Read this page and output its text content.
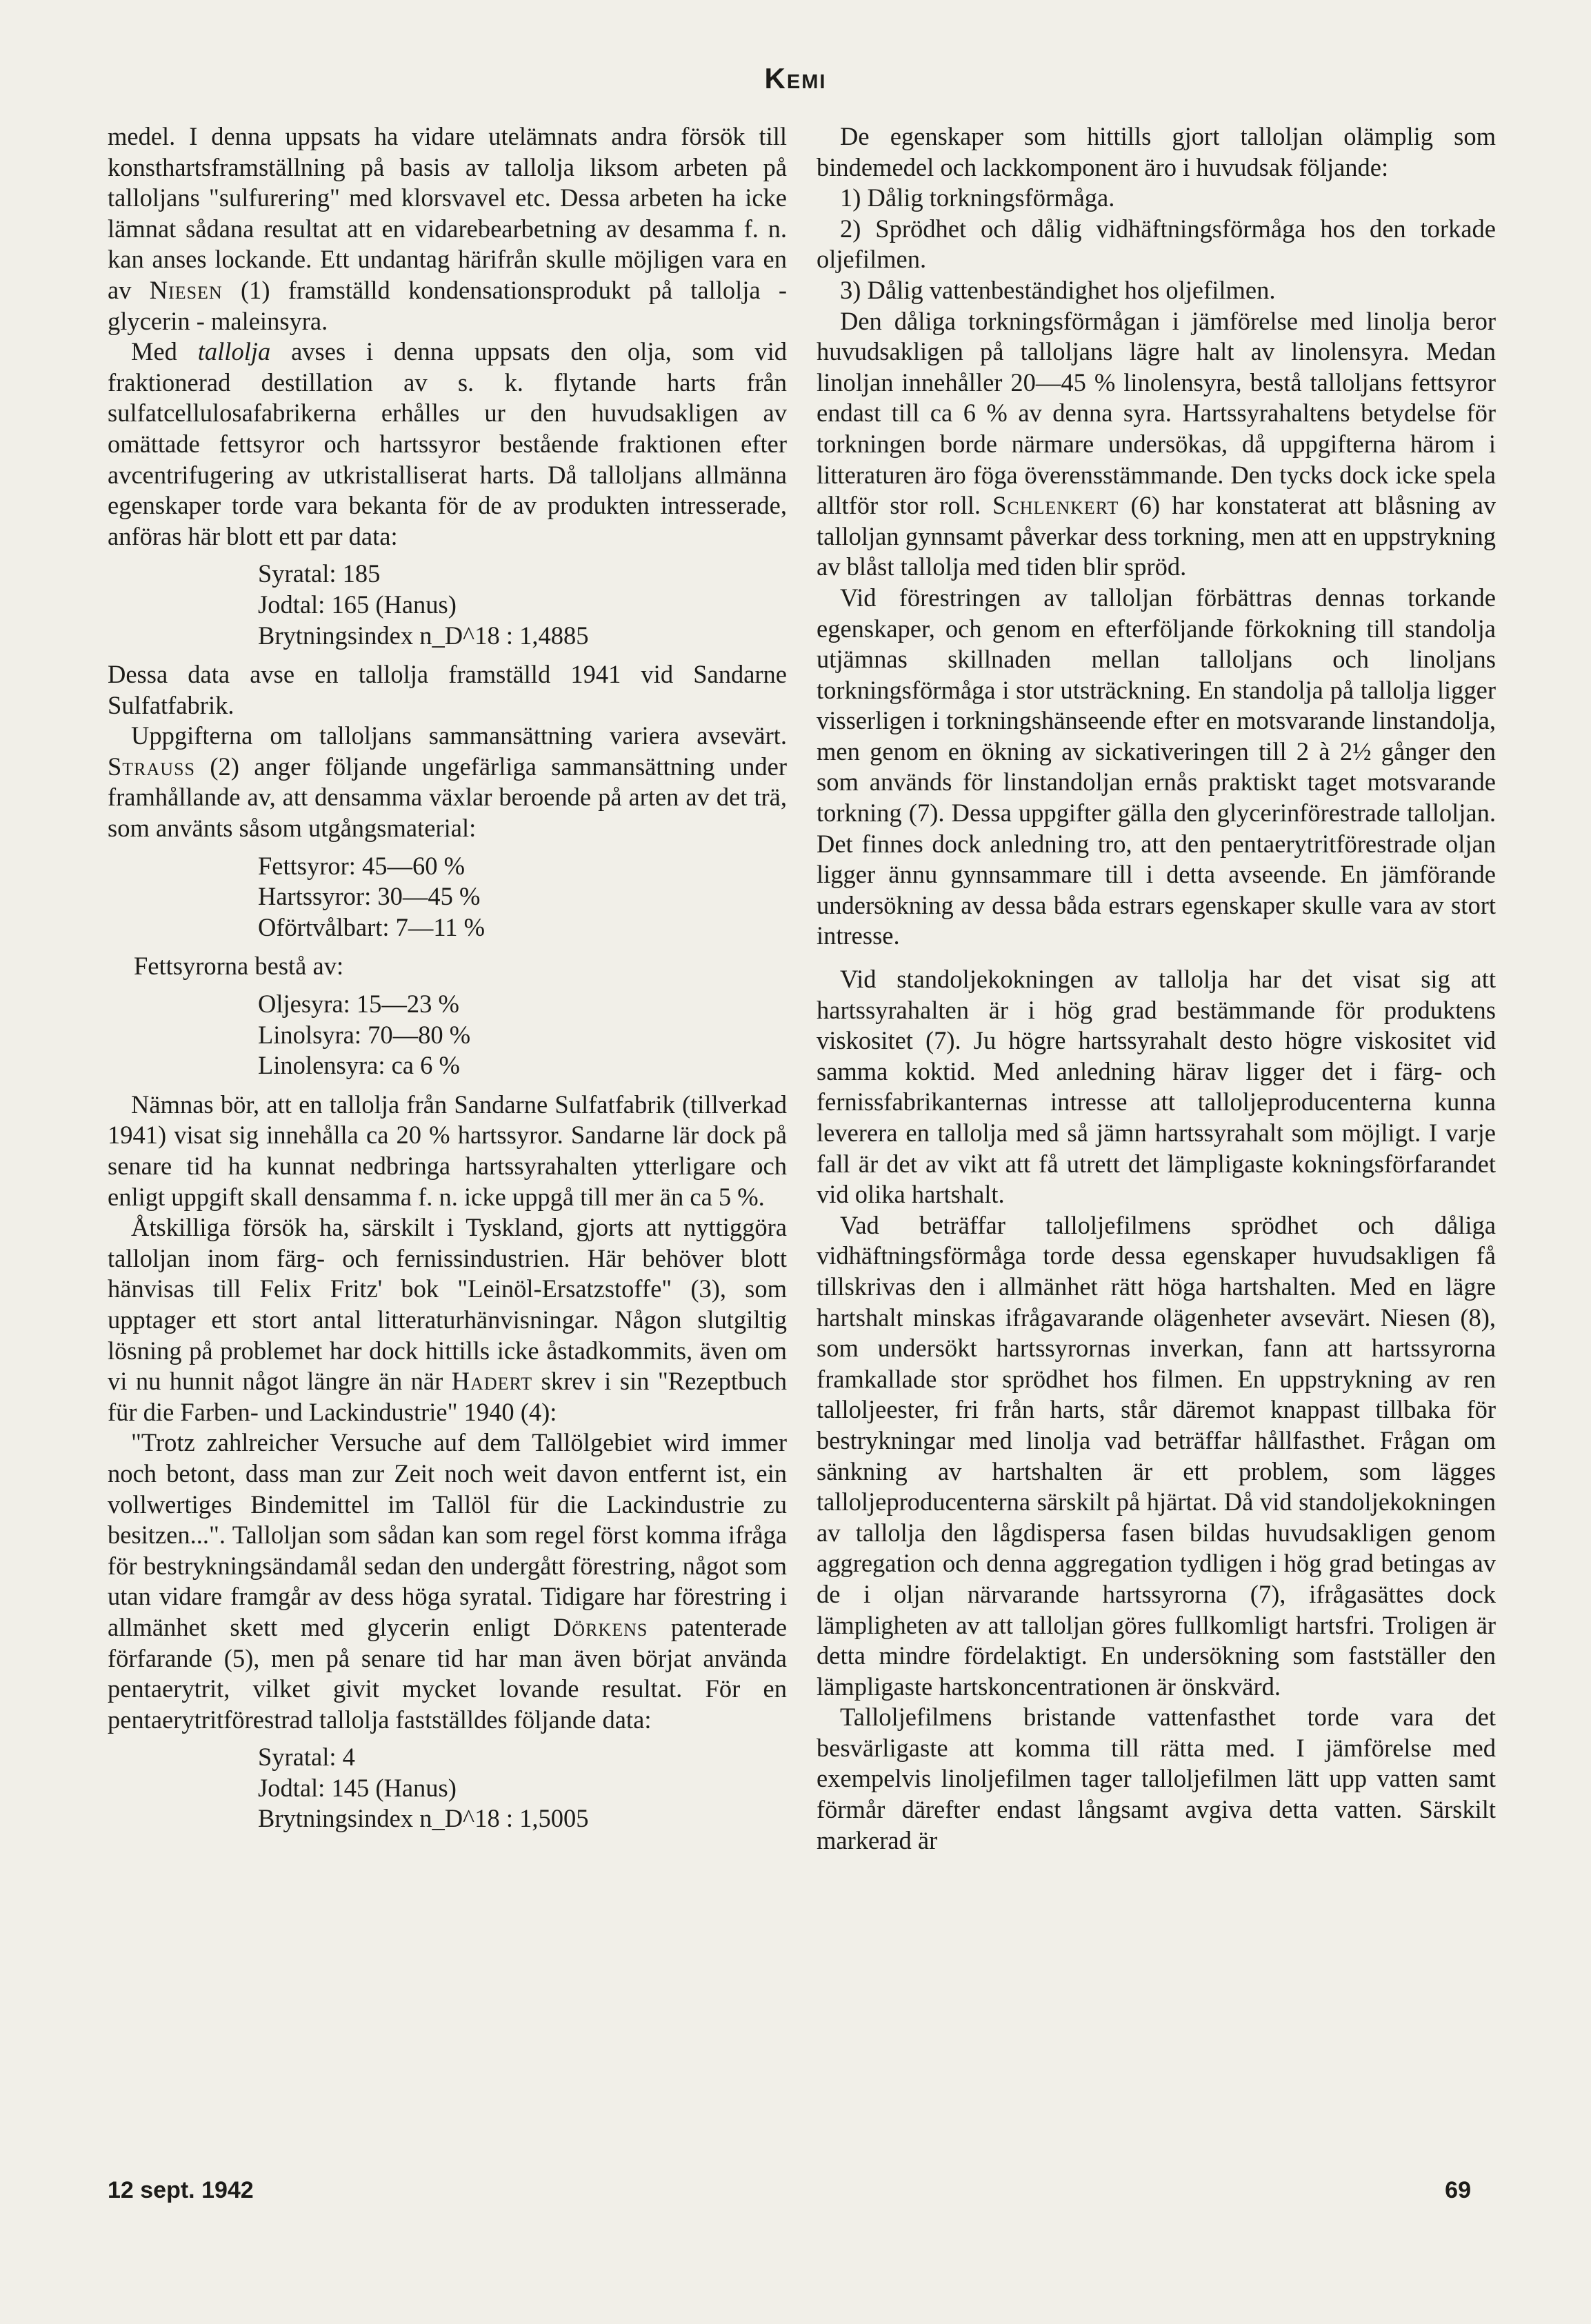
Kemi

medel. I denna uppsats ha vidare utelämnats andra försök till konsthartsframställning på basis av tallolja liksom arbeten på talloljans "sulfurering" med klorsvavel etc. Dessa arbeten ha icke lämnat sådana resultat att en vidarebearbetning av desamma f. n. kan anses lockande. Ett undantag härifrån skulle möjligen vara en av Niesen (1) framställd kondensationsprodukt på tallolja - glycerin - maleinsyra.

Med tallolja avses i denna uppsats den olja, som vid fraktionerad destillation av s. k. flytande harts från sulfatcellulosafabrikerna erhålles ur den huvudsakligen av omättade fettsyror och hartssyror bestående fraktionen efter avcentrifugering av utkristalliserat harts. Då talloljans allmänna egenskaper torde vara bekanta för de av produkten intresserade, anföras här blott ett par data:

Syratal: 185
Jodtal: 165 (Hanus)
Brytningsindex n_D^18 : 1,4885

Dessa data avse en tallolja framställd 1941 vid Sandarne Sulfatfabrik.

Uppgifterna om talloljans sammansättning variera avsevärt. Strauss (2) anger följande ungefärliga sammansättning under framhållande av, att densamma växlar beroende på arten av det trä, som använts såsom utgångsmaterial:

Fettsyror: 45—60 %
Hartssyror: 30—45 %
Oförtvålbart: 7—11 %
Fettsyrorna bestå av:
Oljesyra: 15—23 %
Linolsyra: 70—80 %
Linolensyra: ca 6 %

Nämnas bör, att en tallolja från Sandarne Sulfatfabrik (tillverkad 1941) visat sig innehålla ca 20 % hartssyror. Sandarne lär dock på senare tid ha kunnat nedbringa hartssyrahalten ytterligare och enligt uppgift skall densamma f. n. icke uppgå till mer än ca 5 %.

Åtskilliga försök ha, särskilt i Tyskland, gjorts att nyttiggöra talloljan inom färg- och fernissindustrien. Här behöver blott hänvisas till Felix Fritz' bok "Leinöl-Ersatzstoffe" (3), som upptager ett stort antal litteraturhänvisningar. Någon slutgiltig lösning på problemet har dock hittills icke åstadkommits, även om vi nu hunnit något längre än när Hadert skrev i sin "Rezeptbuch für die Farben- und Lackindustrie" 1940 (4):

"Trotz zahlreicher Versuche auf dem Tallölgebiet wird immer noch betont, dass man zur Zeit noch weit davon entfernt ist, ein vollwertiges Bindemittel im Tallöl für die Lackindustrie zu besitzen...". Talloljan som sådan kan som regel först komma ifråga för bestrykningsändamål sedan den undergått förestring, något som utan vidare framgår av dess höga syratal. Tidigare har förestring i allmänhet skett med glycerin enligt Dörkens patenterade förfarande (5), men på senare tid har man även börjat använda pentaerytrit, vilket givit mycket lovande resultat. För en pentaerytritförestrad tallolja fastställdes följande data:

Syratal: 4
Jodtal: 145 (Hanus)
Brytningsindex n_D^18 : 1,5005

De egenskaper som hittills gjort talloljan olämplig som bindemedel och lackkomponent äro i huvudsak följande:

1) Dålig torkningsförmåga.

2) Sprödhet och dålig vidhäftningsförmåga hos den torkade oljefilmen.

3) Dålig vattenbeständighet hos oljefilmen.

Den dåliga torkningsförmågan i jämförelse med linolja beror huvudsakligen på talloljans lägre halt av linolensyra. Medan linoljan innehåller 20—45 % linolensyra, bestå talloljans fettsyror endast till ca 6 % av denna syra. Hartssyrahaltens betydelse för torkningen borde närmare undersökas, då uppgifterna härom i litteraturen äro föga överensstämmande. Den tycks dock icke spela alltför stor roll. Schlenkert (6) har konstaterat att blåsning av talloljan gynnsamt påverkar dess torkning, men att en uppstrykning av blåst tallolja med tiden blir spröd.

Vid förestringen av talloljan förbättras dennas torkande egenskaper, och genom en efterföljande förkokning till standolja utjämnas skillnaden mellan talloljans och linoljans torkningsförmåga i stor utsträckning. En standolja på tallolja ligger visserligen i torkningshänseende efter en motsvarande linstandolja, men genom en ökning av sickativeringen till 2 à 2½ gånger den som används för linstandoljan ernås praktiskt taget motsvarande torkning (7). Dessa uppgifter gälla den glycerinförestrade talloljan. Det finnes dock anledning tro, att den pentaerytritförestrade oljan ligger ännu gynnsammare till i detta avseende. En jämförande undersökning av dessa båda estrars egenskaper skulle vara av stort intresse.

Vid standoljekokningen av tallolja har det visat sig att hartssyrahalten är i hög grad bestämmande för produktens viskositet (7). Ju högre hartssyrahalt desto högre viskositet vid samma koktid. Med anledning härav ligger det i färg- och fernissfabrikanternas intresse att talloljeproducenterna kunna leverera en tallolja med så jämn hartssyrahalt som möjligt. I varje fall är det av vikt att få utrett det lämpligaste kokningsförfarandet vid olika hartshalt.

Vad beträffar talloljefilmens sprödhet och dåliga vidhäftningsförmåga torde dessa egenskaper huvudsakligen få tillskrivas den i allmänhet rätt höga hartshalten. Med en lägre hartshalt minskas ifrågavarande olägenheter avsevärt. Niesen (8), som undersökt hartssyrornas inverkan, fann att hartssyrorna framkallade stor sprödhet hos filmen. En uppstrykning av ren talloljeester, fri från harts, står däremot knappast tillbaka för bestrykningar med linolja vad beträffar hållfasthet. Frågan om sänkning av hartshalten är ett problem, som lägges talloljeproducenterna särskilt på hjärtat. Då vid standoljekokningen av tallolja den lågdispersa fasen bildas huvudsakligen genom aggregation och denna aggregation tydligen i hög grad betingas av de i oljan närvarande hartssyrorna (7), ifrågasättes dock lämpligheten av att talloljan göres fullkomligt hartsfri. Troligen är detta mindre fördelaktigt. En undersökning som fastställer den lämpligaste hartskoncentrationen är önskvärd.

Talloljefilmens bristande vattenfasthet torde vara det besvärligaste att komma till rätta med. I jämförelse med exempelvis linoljefilmen tager talloljefilmen lätt upp vatten samt förmår därefter endast långsamt avgiva detta vatten. Särskilt markerad är

12 sept. 1942	69
